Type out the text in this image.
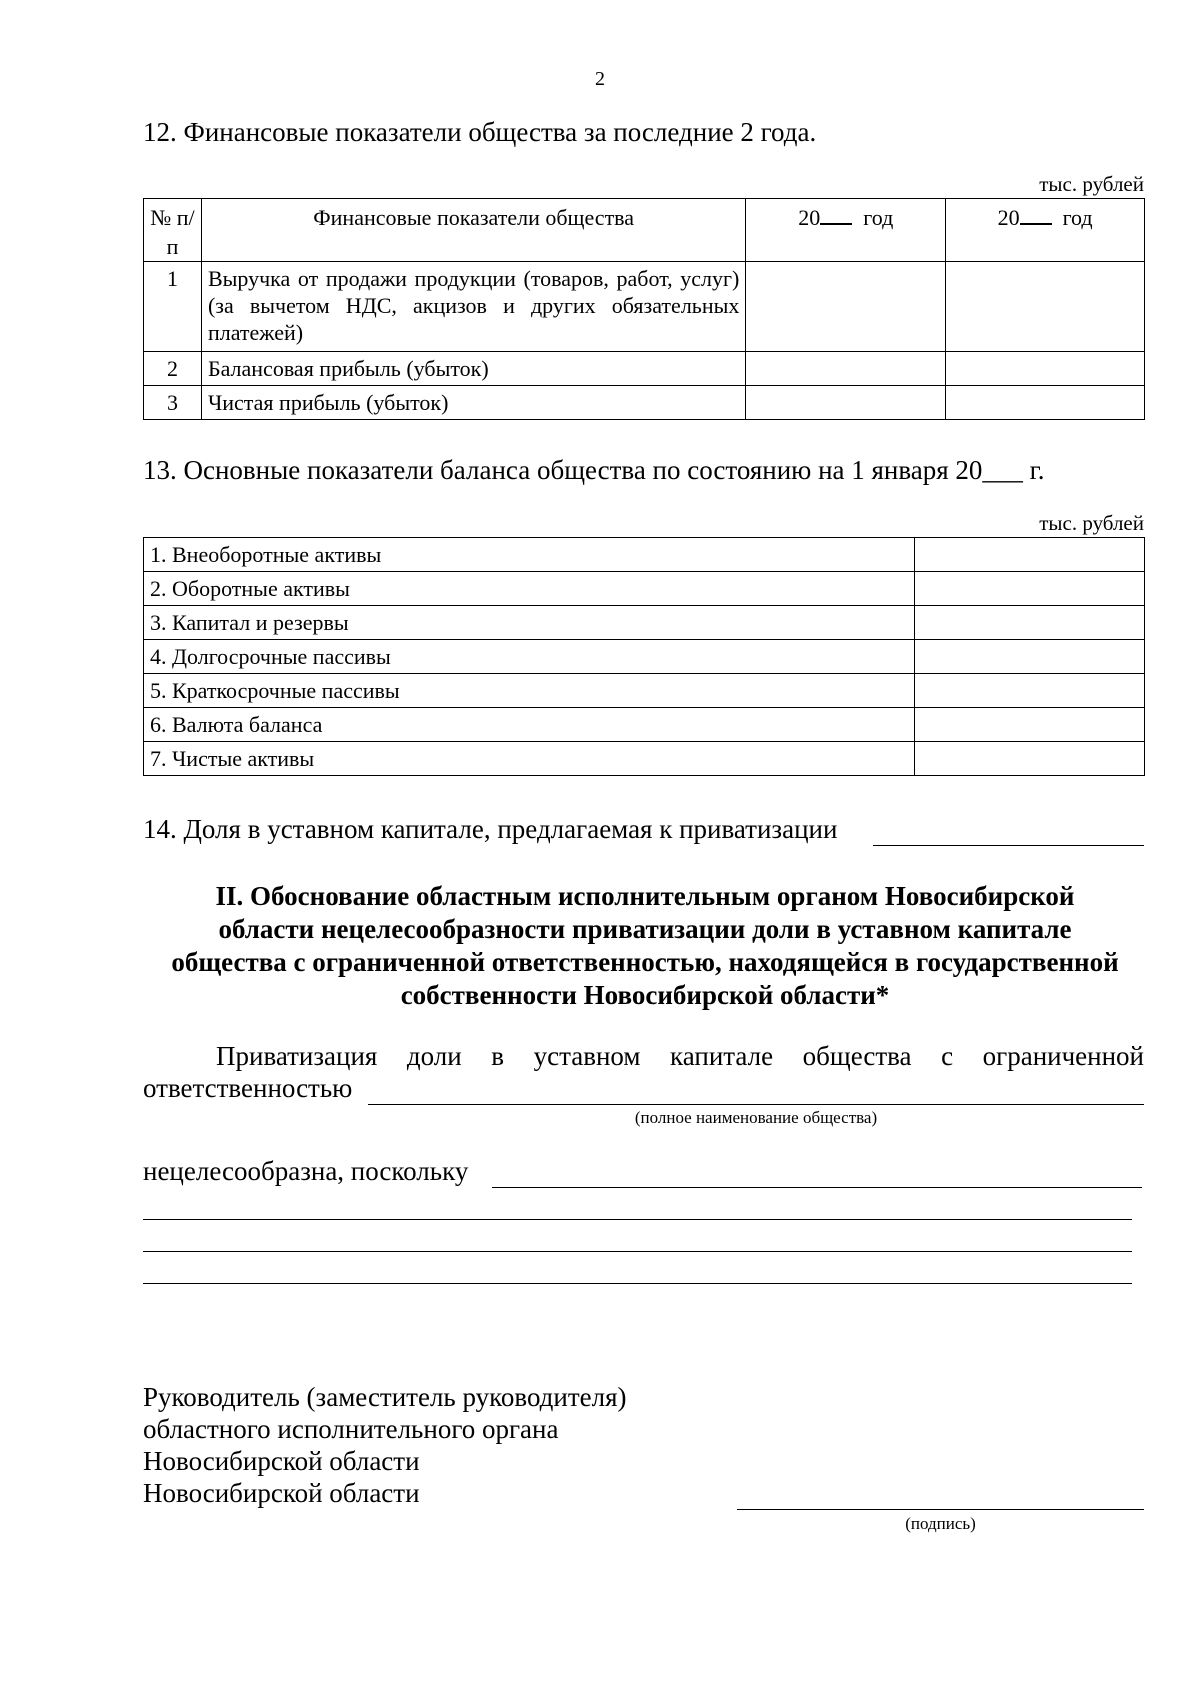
2
12. Финансовые показатели общества за последние 2 года.
тыс. рублей
№ п/п	Финансовые показатели общества	20 год	20 год
1	Выручка от продажи продукции (товаров, работ, услуг) (за вычетом НДС, акцизов и других обязательных платежей)		
2	Балансовая прибыль (убыток)		
3	Чистая прибыль (убыток)		
13. Основные показатели баланса общества по состоянию на 1 января 20___ г.
тыс. рублей
1. Внеоборотные активы	
2. Оборотные активы	
3. Капитал и резервы	
4. Долгосрочные пассивы	
5. Краткосрочные пассивы	
6. Валюта баланса	
7. Чистые активы	
14. Доля в уставном капитале, предлагаемая к приватизации
II. Обоснование областным исполнительным органом Новосибирской
области нецелесообразности приватизации доли в уставном капитале
общества с ограниченной ответственностью, находящейся в государственной
собственности Новосибирской области*
Приватизация доли в уставном капитале общества с ограниченной
ответственностью
(полное наименование общества)
нецелесообразна, поскольку
Руководитель (заместитель руководителя)
областного исполнительного органа
Новосибирской области
Новосибирской области
(подпись)
